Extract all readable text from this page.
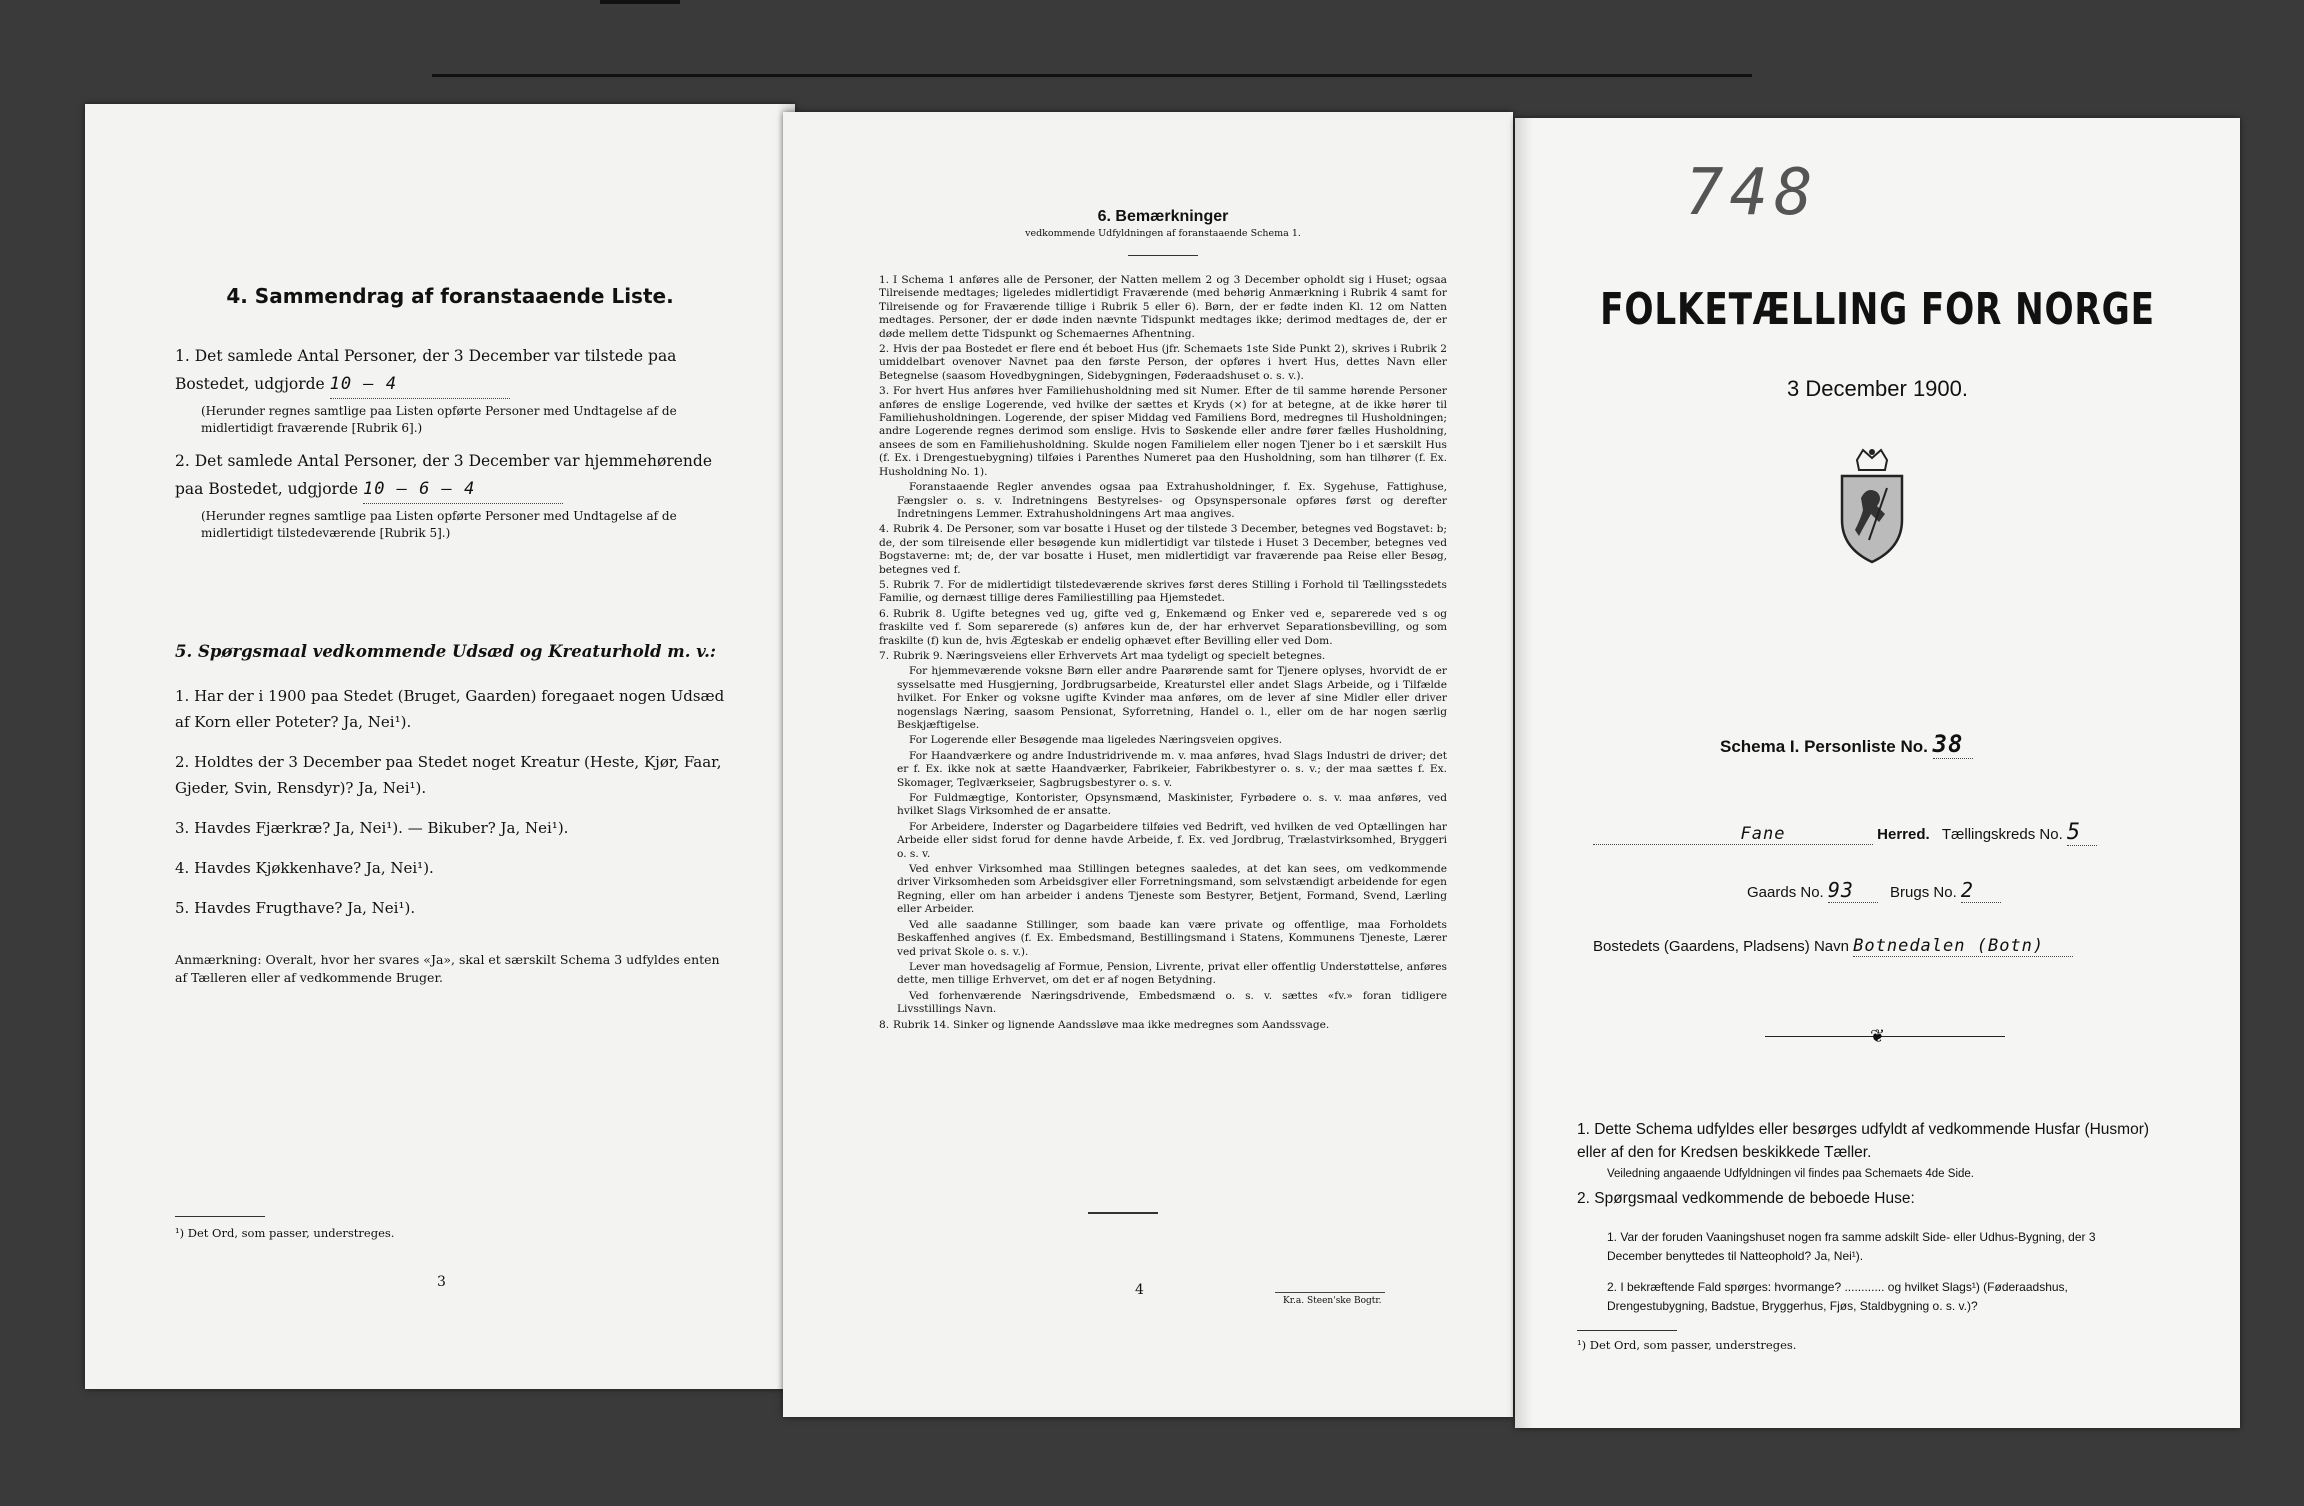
4. Sammendrag af foranstaaende Liste.
1. Det samlede Antal Personer, der 3 December var tilstede paa Bostedet, udgjorde 10 – 4
(Herunder regnes samtlige paa Listen opførte Personer med Undtagelse af de midlertidigt fraværende [Rubrik 6].)
2. Det samlede Antal Personer, der 3 December var hjemmehørende paa Bostedet, udgjorde 10 – 6 – 4
(Herunder regnes samtlige paa Listen opførte Personer med Undtagelse af de midlertidigt tilstedeværende [Rubrik 5].)
5. Spørgsmaal vedkommende Udsæd og Kreaturhold m. v.:
1. Har der i 1900 paa Stedet (Bruget, Gaarden) foregaaet nogen Udsæd af Korn eller Poteter? Ja, Nei¹).
2. Holdtes der 3 December paa Stedet noget Kreatur (Heste, Kjør, Faar, Gjeder, Svin, Rensdyr)? Ja, Nei¹).
3. Havdes Fjærkræ? Ja, Nei¹). — Bikuber? Ja, Nei¹).
4. Havdes Kjøkkenhave? Ja, Nei¹).
5. Havdes Frugthave? Ja, Nei¹).
Anmærkning: Overalt, hvor her svares «Ja», skal et særskilt Schema 3 udfyldes enten af Tælleren eller af vedkommende Bruger.
¹) Det Ord, som passer, understreges.
3
6. Bemærkninger
vedkommende Udfyldningen af foranstaaende Schema 1.
1. I Schema 1 anføres alle de Personer, der Natten mellem 2 og 3 December opholdt sig i Huset; ogsaa Tilreisende medtages; ligeledes midlertidigt Fraværende (med behørig Anmærkning i Rubrik 4 samt for Tilreisende og for Fraværende tillige i Rubrik 5 eller 6). Børn, der er fødte inden Kl. 12 om Natten medtages. Personer, der er døde inden nævnte Tidspunkt medtages ikke; derimod medtages de, der er døde mellem dette Tidspunkt og Schemaernes Afhentning.
2. Hvis der paa Bostedet er flere end ét beboet Hus (jfr. Schemaets 1ste Side Punkt 2), skrives i Rubrik 2 umiddelbart ovenover Navnet paa den første Person, der opføres i hvert Hus, dettes Navn eller Betegnelse (saasom Hovedbygningen, Sidebygningen, Føderaadshuset o. s. v.).
3. For hvert Hus anføres hver Familiehusholdning med sit Numer. Efter de til samme hørende Personer anføres de enslige Logerende, ved hvilke der sættes et Kryds (×) for at betegne, at de ikke hører til Familiehusholdningen. Logerende, der spiser Middag ved Familiens Bord, medregnes til Husholdningen; andre Logerende regnes derimod som enslige. Hvis to Søskende eller andre fører fælles Husholdning, ansees de som en Familiehusholdning. Skulde nogen Familielem eller nogen Tjener bo i et særskilt Hus (f. Ex. i Drengestuebygning) tilføies i Parenthes Numeret paa den Husholdning, som han tilhører (f. Ex. Husholdning No. 1).
Foranstaaende Regler anvendes ogsaa paa Extrahusholdninger, f. Ex. Sygehuse, Fattighuse, Fængsler o. s. v. Indretningens Bestyrelses- og Opsynspersonale opføres først og derefter Indretningens Lemmer. Extrahusholdningens Art maa angives.
4. Rubrik 4. De Personer, som var bosatte i Huset og der tilstede 3 December, betegnes ved Bogstavet: b; de, der som tilreisende eller besøgende kun midlertidigt var tilstede i Huset 3 December, betegnes ved Bogstaverne: mt; de, der var bosatte i Huset, men midlertidigt var fraværende paa Reise eller Besøg, betegnes ved f.
5. Rubrik 7. For de midlertidigt tilstedeværende skrives først deres Stilling i Forhold til Tællingsstedets Familie, og dernæst tillige deres Familiestilling paa Hjemstedet.
6. Rubrik 8. Ugifte betegnes ved ug, gifte ved g, Enkemænd og Enker ved e, separerede ved s og fraskilte ved f. Som separerede (s) anføres kun de, der har erhvervet Separationsbevilling, og som fraskilte (f) kun de, hvis Ægteskab er endelig ophævet efter Bevilling eller ved Dom.
7. Rubrik 9. Næringsveiens eller Erhvervets Art maa tydeligt og specielt betegnes.
For hjemmeværende voksne Børn eller andre Paarørende samt for Tjenere oplyses, hvorvidt de er sysselsatte med Husgjerning, Jordbrugsarbeide, Kreaturstel eller andet Slags Arbeide, og i Tilfælde hvilket. For Enker og voksne ugifte Kvinder maa anføres, om de lever af sine Midler eller driver nogenslags Næring, saasom Pensionat, Syforretning, Handel o. l., eller om de har nogen særlig Beskjæftigelse.
For Logerende eller Besøgende maa ligeledes Næringsveien opgives.
For Haandværkere og andre Industridrivende m. v. maa anføres, hvad Slags Industri de driver; det er f. Ex. ikke nok at sætte Haandværker, Fabrikeier, Fabrikbestyrer o. s. v.; der maa sættes f. Ex. Skomager, Teglværkseier, Sagbrugsbestyrer o. s. v.
For Fuldmægtige, Kontorister, Opsynsmænd, Maskinister, Fyrbødere o. s. v. maa anføres, ved hvilket Slags Virksomhed de er ansatte.
For Arbeidere, Inderster og Dagarbeidere tilføies ved Bedrift, ved hvilken de ved Optællingen har Arbeide eller sidst forud for denne havde Arbeide, f. Ex. ved Jordbrug, Trælastvirksomhed, Bryggeri o. s. v.
Ved enhver Virksomhed maa Stillingen betegnes saaledes, at det kan sees, om vedkommende driver Virksomheden som Arbeidsgiver eller Forretningsmand, som selvstændigt arbeidende for egen Regning, eller om han arbeider i andens Tjeneste som Bestyrer, Betjent, Formand, Svend, Lærling eller Arbeider.
Ved alle saadanne Stillinger, som baade kan være private og offentlige, maa Forholdets Beskaffenhed angives (f. Ex. Embedsmand, Bestillingsmand i Statens, Kommunens Tjeneste, Lærer ved privat Skole o. s. v.).
Lever man hovedsagelig af Formue, Pension, Livrente, privat eller offentlig Understøttelse, anføres dette, men tillige Erhvervet, om det er af nogen Betydning.
Ved forhenværende Næringsdrivende, Embedsmænd o. s. v. sættes «fv.» foran tidligere Livsstillings Navn.
8. Rubrik 14. Sinker og lignende Aandssløve maa ikke medregnes som Aandssvage.
4
Kr.a. Steen'ske Bogtr.
748
FOLKETÆLLING FOR NORGE
3 December 1900.
Schema I. Personliste No. 38
Fane	Herred. Tællingskreds No. 5
Gaards No. 93 Brugs No. 2
Bostedets (Gaardens, Pladsens) Navn Botnedalen (Botn)
❦
1. Dette Schema udfyldes eller besørges udfyldt af vedkommende Husfar (Husmor) eller af den for Kredsen beskikkede Tæller.
Veiledning angaaende Udfyldningen vil findes paa Schemaets 4de Side.
2. Spørgsmaal vedkommende de beboede Huse:
1. Var der foruden Vaaningshuset nogen fra samme adskilt Side- eller Udhus-Bygning, der 3 December benyttedes til Natteophold? Ja, Nei¹).
2. I bekræftende Fald spørges: hvormange? ............ og hvilket Slags¹) (Føderaadshus, Drengestubygning, Badstue, Bryggerhus, Fjøs, Staldbygning o. s. v.)?
¹) Det Ord, som passer, understreges.
